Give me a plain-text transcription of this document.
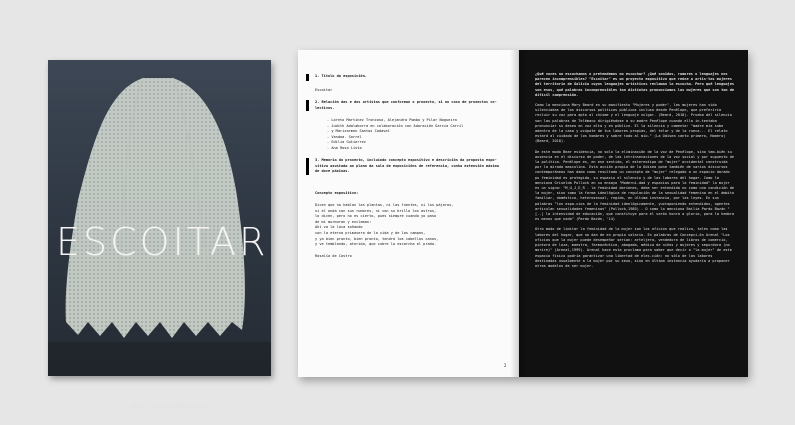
ESCOITAR
Foto: cortesía Adalaborra
1. Título da exposición.
Escoitar
2. Relación das e dos artistas que conforman o proxecto, xi no caso de proxectos co-lectivos.
- Loreto Martínez Troncoso, Alejandra Pombo y Pilar Nogueira
- Judith Adalaborra en colaboración con Adoración García Carril
- y Marizarmen Santos Cadaval
- Vandoa. Sorrel
- Edilia Gutierrez
- Ana Rosa Lista
3. Memoria do proxecto, incluíndo concepto expositivo e descrición da proposta expo-sitiva axustada ao plano da sala de exposicións de referencia, cunha extensión máxima de doce páxinas.
Concepto expositivo:
Dicen que no hablan las plantas, ni las fuentes, ni los pájaros,
ni el onda con sus rumores, ni con su brillo los astros,
lo dicen, pero no es cierto, pues siempre cuando yo paso
de mí murmuran y exclaman:
Ahí va la loca soñando
con la eterna primavera de la vida y de los campos,
y ya bien pronto, bien pronto, tendrá los cabellos canos,
y ve temblando, aterida, que cubre la escarcha el prado.
Rosalía de Castro
2

¿Qué voces no escuchamos o pretendemos no escuchar? ¿Qué sonidos, rumores o lenguajes nos parecen incomprensibles? "Escoitar" es un proyecto expositivo que reúne a artis-tas mujeres del territorio de Galicia cuyos lenguajes artísticos reclaman la escucha. Pero qué lenguajes son esos, qué palabras incomprensibles tan distintas pronunciamos las mujeres que son tan de difícil comprensión.

Como la menciona Mary Beard en su manifiesto "Mujeres y poder", las mujeres han sido silenciadas de los discursos políticos públicos incluso desde Penélope, que preferiría recluir su voz para apto al chisme y el lenguaje vulgar. (Beard, 2018). Prueba del silencio son las palabras de Telémaco dirigiéndose a su madre Penélope cuando ella in-tentaba pronunciar su deseo en voz alta y en público. El la silencia y comenta: "madre mía sube adentro de la casa y ocúpate de tus labores propias, del telar y de la rueca... El relato estará al cuidado de los hombres y sobre todo al mío." (La Odisea canto primero, Homero)(Beard, 2018).

De este modo Bear evidencia, no solo la eliminación de la voz de Penélope, sino tam-bién su ausencia en el discurso de poder, de las intrínsecaciones de la voz social y por supuesto de la política. Penélope es, en ese sentido, el estereotipo de "mujer" occidental construida por la mirada masculina. Esta acción propia de la Odisea pone también de varios discursos contemporáneos han dado como resultado un concepto de "mujer" relegado a un espacio dorado pu feminidad es protegida, su espacio el silencio y de las labores del hogar. Como la menciona Griselda Pollock en su ensayo "Moderni-dad y espacios para la feminidad" la mujer es un signo: "M_U_J_E_R - la feminidad dorienes, debe ser entendida no como una condición de la mujer, sino como la forma ideológica de regulación de la sexualidad femenina en el ámbito familiar, doméstico, heterosexual, regido, en última instancia, por las leyes. En sus palabras "los espa-cios de la feminidad ideológicamente, yuxtaponiendo entendidos, agentes articulan sexualidades femeninas" (Pollock,1985) - O como lo menciona Emilia Pardo Bazán "[..] la intensidad de educación, que constituye para el varón honra a gloria, para la hembra es menos que nada" (Pardo Bazán, '14)

Otro modo de limitar la feminidad de la mujer son los oficios que realiza, tales como las labores del hogar, que no dan de en propio salario. En palabras de Concepci-ón Arenal "Los oficios que la mujer puede desempeñar serían: arteljera, vendedora de libros de comercio, pintora de loza, maestra, farmacéutica, abogada, médica de niños y mujeres y sepurdora (no morire)" (Arenal,1999). Arenal hace esta proclama para saber que decir a "la mujer" de este espacio físico podría garantizar una libertad de elec-ción: no sólo de las labores destinadas usualmente a la mujer por su sexo, sino en última instancia ayudaría a proponer otros modelos de ser mujer.
